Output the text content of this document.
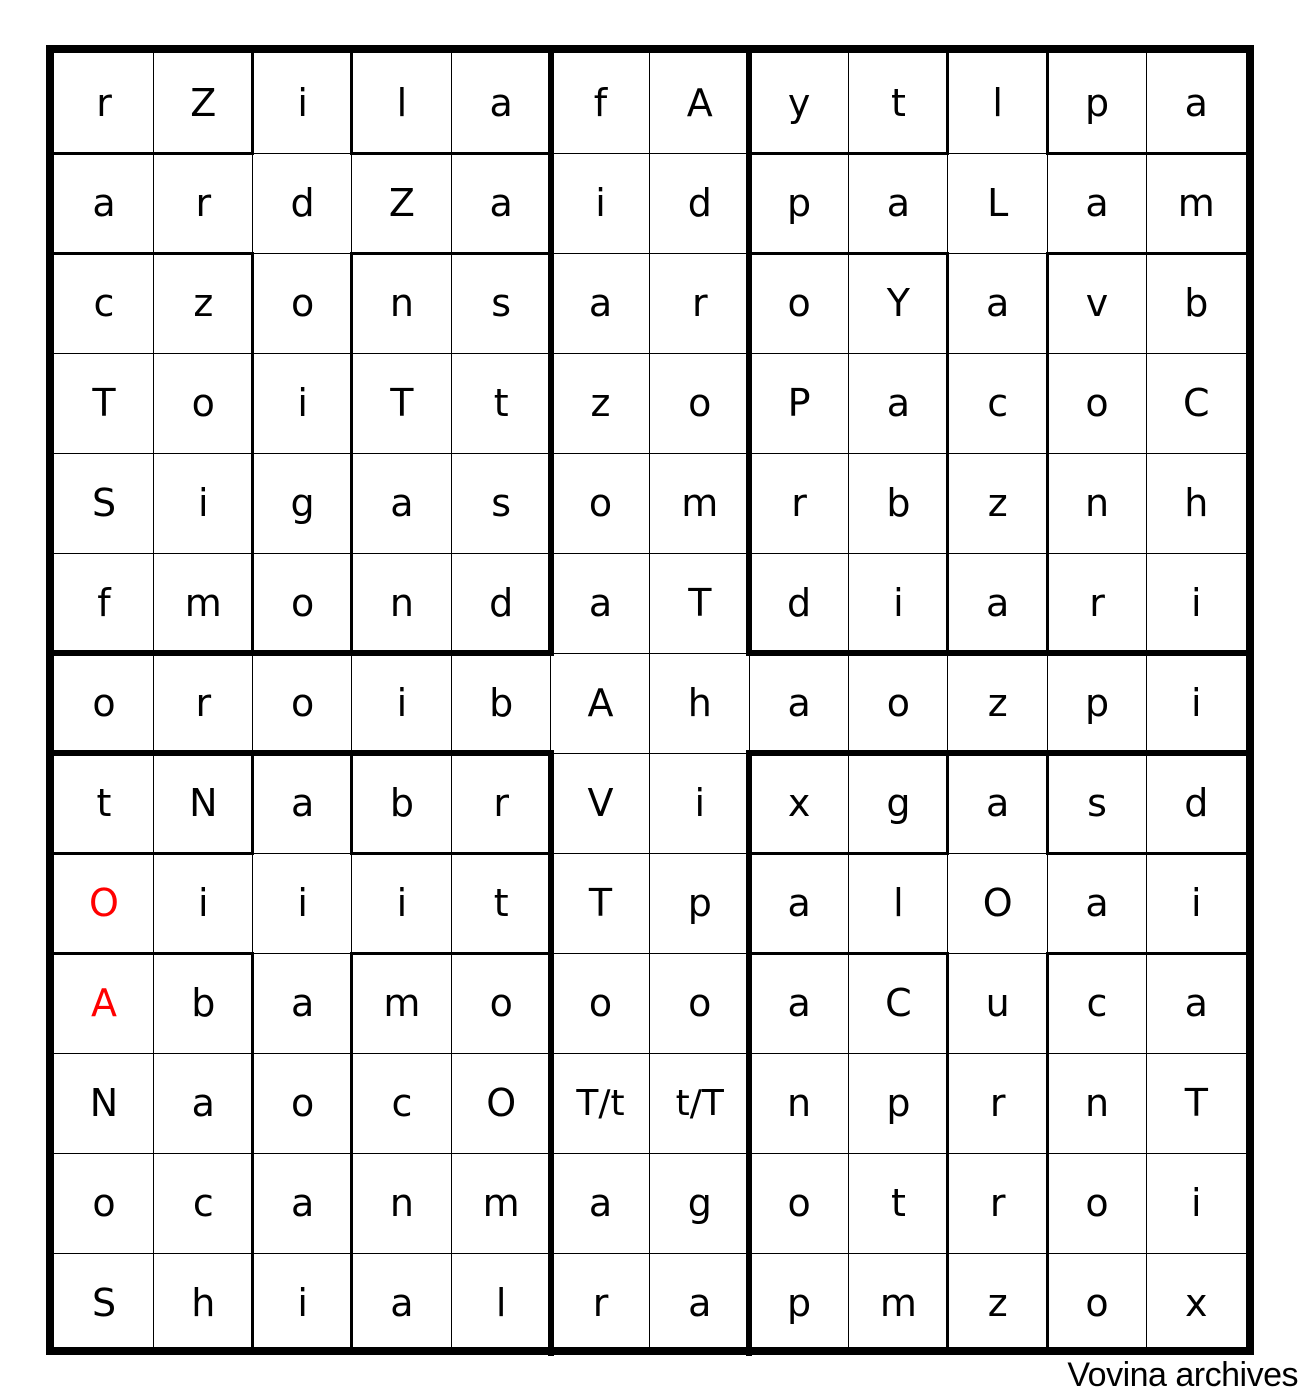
r	Z	i	l	a	f	A	y	t	l	p	a
a	r	d	Z	a	i	d	p	a	L	a	m
c	z	o	n	s	a	r	o	Y	a	v	b
T	o	i	T	t	z	o	P	a	c	o	C
S	i	g	a	s	o	m	r	b	z	n	h
f	m	o	n	d	a	T	d	i	a	r	i
o	r	o	i	b	A	h	a	o	z	p	i
t	N	a	b	r	V	i	x	g	a	s	d
O	i	i	i	t	T	p	a	l	O	a	i
A	b	a	m	o	o	o	a	C	u	c	a
N	a	o	c	O	T/t	t/T	n	p	r	n	T
o	c	a	n	m	a	g	o	t	r	o	i
S	h	i	a	l	r	a	p	m	z	o	x
Vovina archives
